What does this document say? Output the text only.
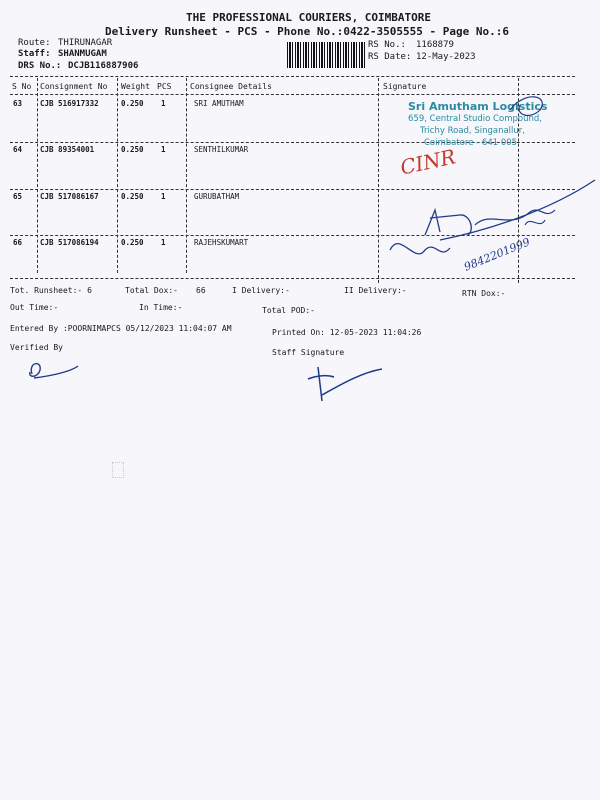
THE PROFESSIONAL COURIERS, COIMBATORE
Delivery Runsheet - PCS - Phone No.:0422-3505555 - Page No.:6
Route: THIRUNAGAR
Staff: SHANMUGAM
DRS No.: DCJB116887906
RS No.: 1168879
RS Date: 12-May-2023
S No Consignment No Weight PCS Consignee Details	Signature
63 CJB 516917332	0.250 1	SRI AMUTHAM
64 CJB 89354001	0.250 1	SENTHILKUMAR
65 CJB 517086167	0.250 1	GURUBATHAM
66 CJB 517086194	0.250 1	RAJEHSKUMART
Sri Amutham Logistics
659, Central Studio Compound,
Trichy Road, Singanallur,
Coimbatore - 641 005
CINR
9842201999
Tot. Runsheet:- 6	Total Dox:- 66	I Delivery:-	II Delivery:-	RTN Dox:-
Out Time:-	In Time:-	Total POD:-
Entered By :POORNIMAPCS 05/12/2023 11:04:07 AM	Printed On: 12-05-2023 11:04:26
Verified By
Staff Signature
